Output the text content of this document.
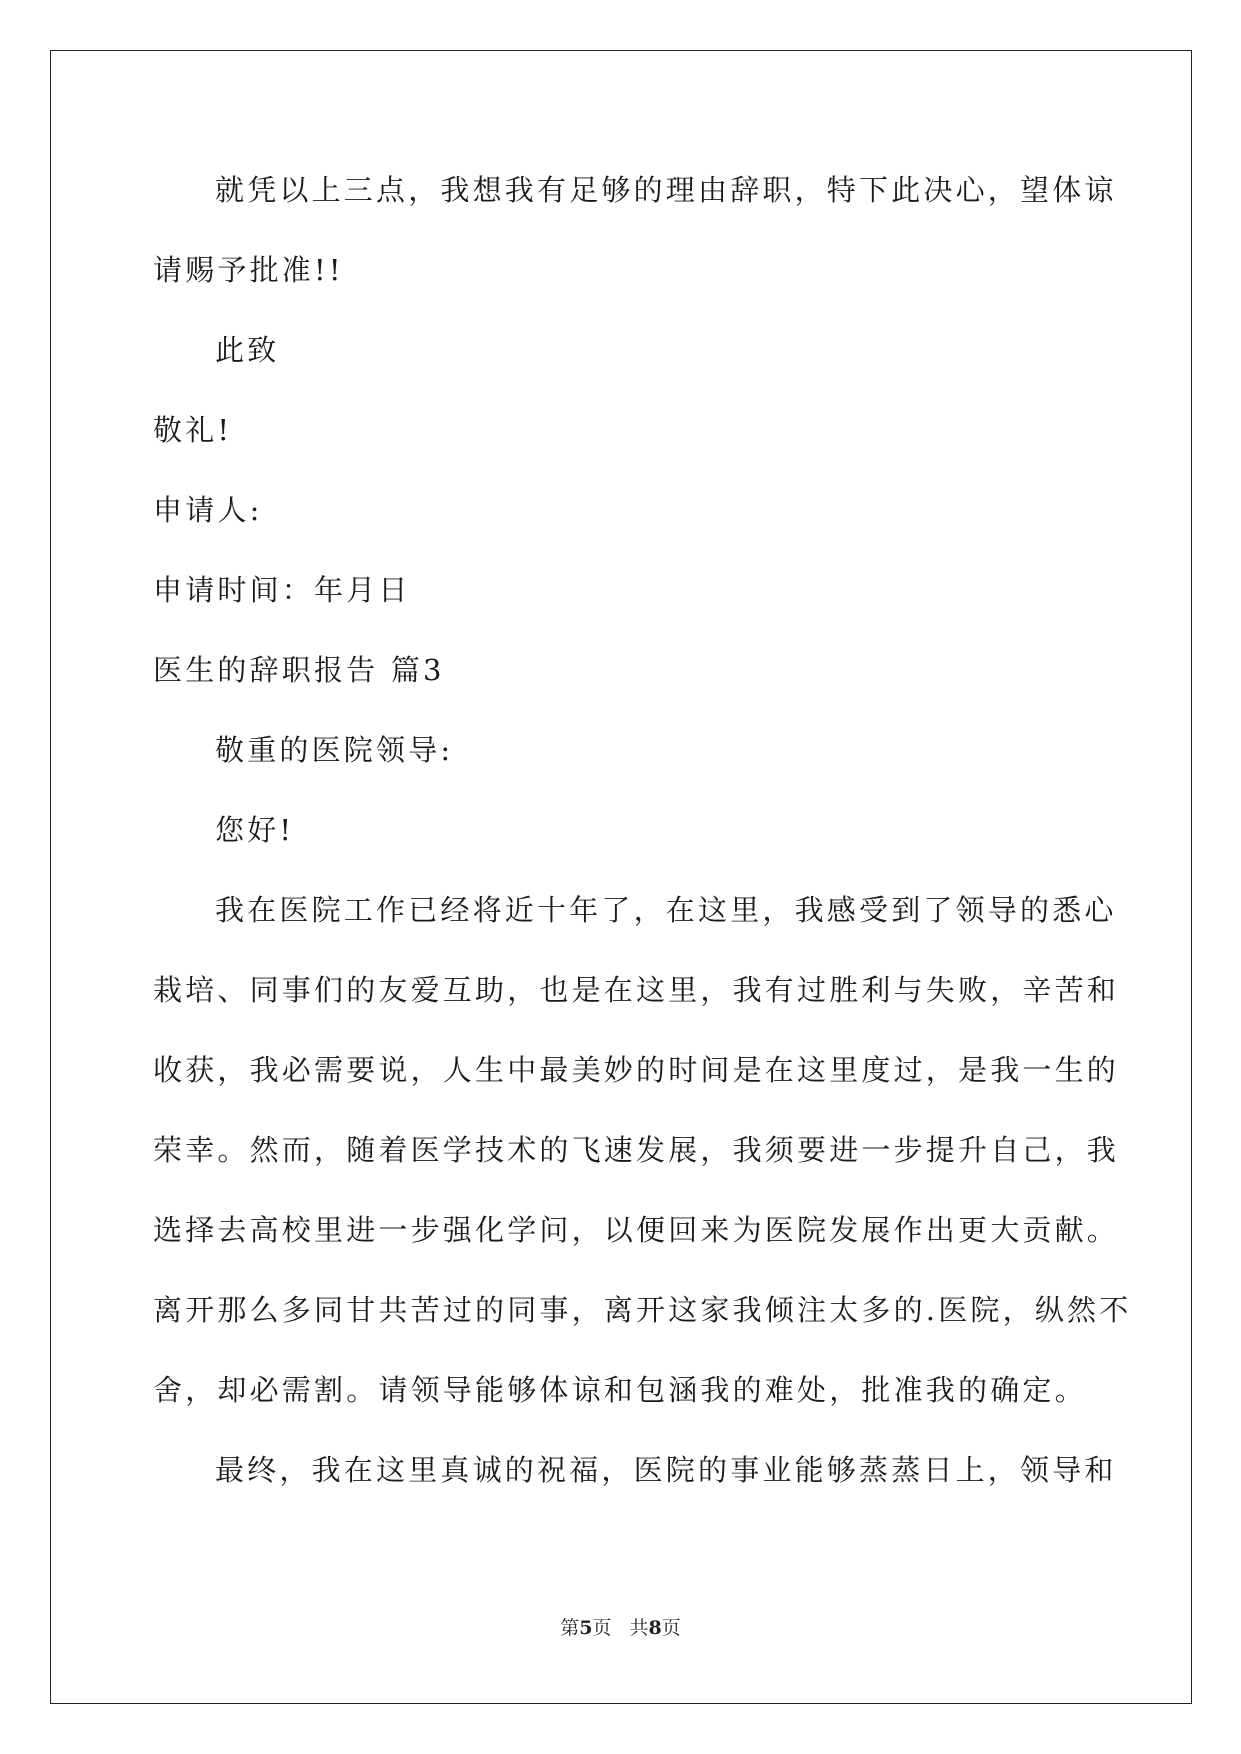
就凭以上三点，我想我有足够的理由辞职，特下此决心，望体谅
请赐予批准!!
此致
敬礼!
申请人:
申请时间：年月日
医生的辞职报告 篇3
敬重的医院领导:
您好!
我在医院工作已经将近十年了，在这里，我感受到了领导的悉心
栽培、同事们的友爱互助，也是在这里，我有过胜利与失败，辛苦和
收获，我必需要说，人生中最美妙的时间是在这里度过，是我一生的
荣幸。然而，随着医学技术的飞速发展，我须要进一步提升自己，我
选择去高校里进一步强化学问，以便回来为医院发展作出更大贡献。
离开那么多同甘共苦过的同事，离开这家我倾注太多的.医院，纵然不
舍，却必需割。请领导能够体谅和包涵我的难处，批准我的确定。
最终，我在这里真诚的祝福，医院的事业能够蒸蒸日上，领导和
第5页 共8页
